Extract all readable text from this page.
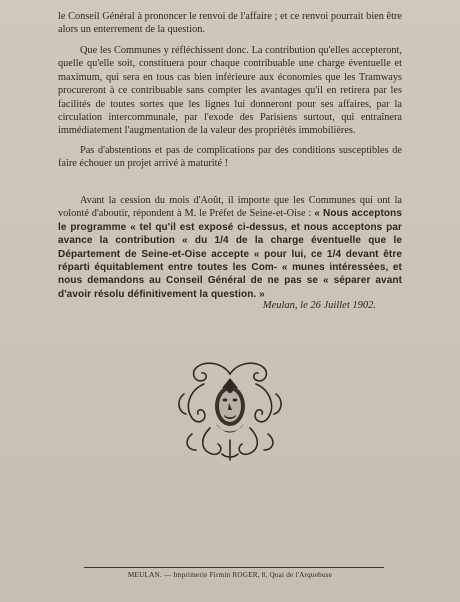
le Conseil Général à prononcer le renvoi de l'affaire ; et ce renvoi pourrait bien être alors un enterrement de la question.
Que les Communes y réfléchissent donc. La contribution qu'elles accepteront, quelle qu'elle soit, constituera pour chaque contribuable une charge éventuelle et maximum, qui sera en tous cas bien inférieure aux économies que les Tramways procureront à ce contribuable sans compter les avantages qu'il en retirera par les facilités de toutes sortes que les lignes lui donneront pour ses affaires, par la circulation intercommunale, par l'exode des Parisiens surtout, qui entraînera immédiatement l'augmentation de la valeur des propriétés immobilières.
Pas d'abstentions et pas de complications par des conditions susceptibles de faire échouer un projet arrivé à maturité !
Avant la cession du mois d'Août, il importe que les Communes qui ont la volonté d'aboutir, répondent à M. le Préfet de Seine-et-Oise : « Nous acceptons le programme « tel qu'il est exposé ci-dessus, et nous acceptons par avance la contribution « du 1/4 de la charge éventuelle que le Département de Seine-et-Oise accepte « pour lui, ce 1/4 devant être réparti équitablement entre toutes les Com- « munes intéressées, et nous demandons au Conseil Général de ne pas se « séparer avant d'avoir résolu définitivement la question. »
Meulan, le 26 Juillet 1902.
MEULAN. — Imprimerie Firmin ROGER, 8, Quai de l'Arquebuse
